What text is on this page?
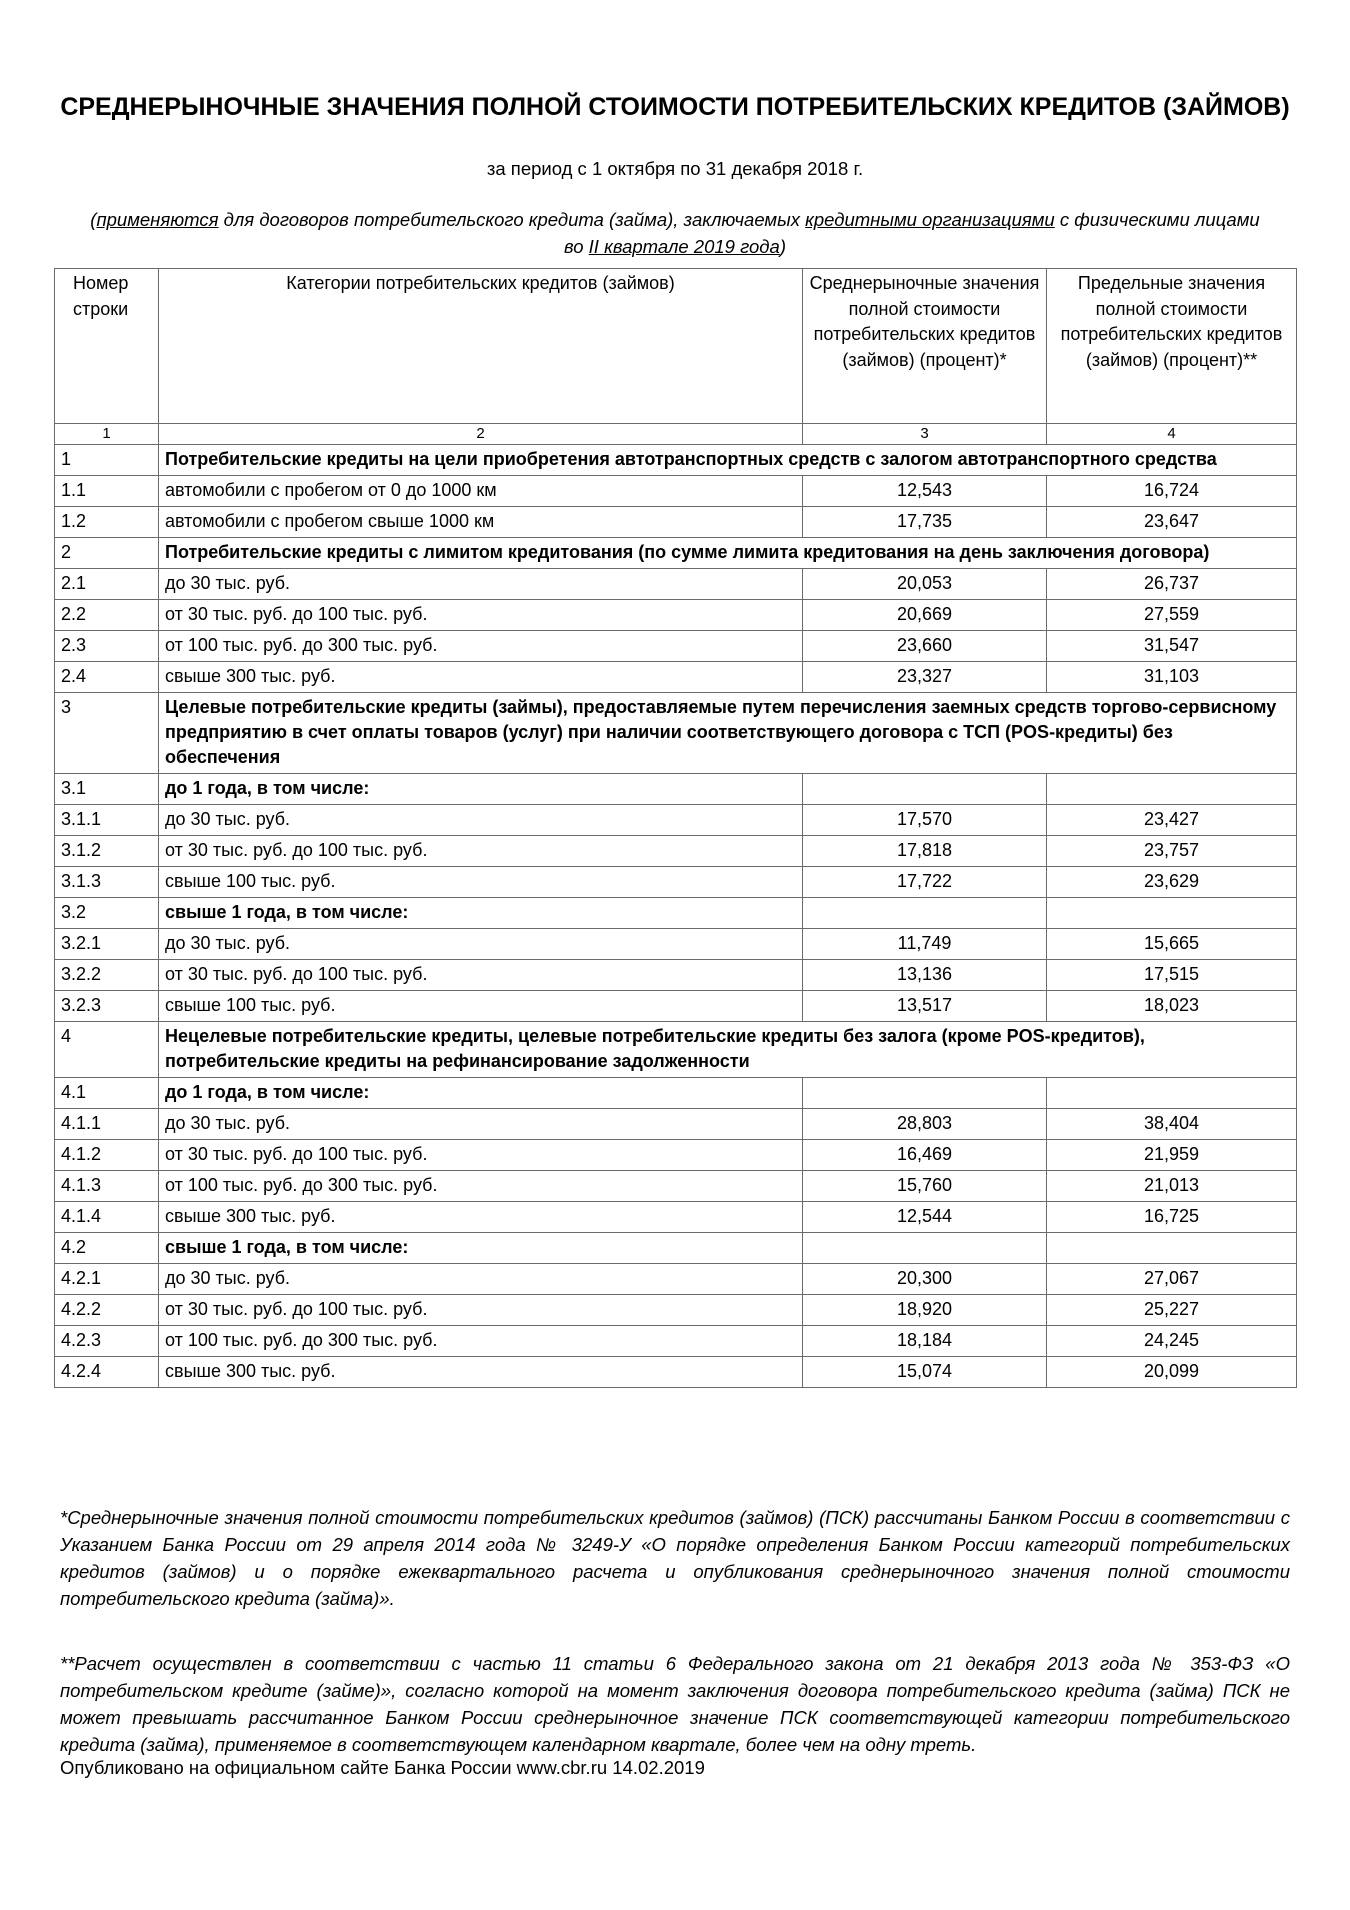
СРЕДНЕРЫНОЧНЫЕ ЗНАЧЕНИЯ ПОЛНОЙ СТОИМОСТИ ПОТРЕБИТЕЛЬСКИХ КРЕДИТОВ (ЗАЙМОВ)
за период с 1 октября по 31 декабря 2018 г.
(применяются для договоров потребительского кредита (займа), заключаемых кредитными организациями с физическими лицами во II квартале 2019 года)
Номер строки	Категории потребительских кредитов (займов)	Среднерыночные значения полной стоимости потребительских кредитов (займов) (процент)*	Предельные значения полной стоимости потребительских кредитов (займов) (процент)**
1	2	3	4
1	Потребительские кредиты на цели приобретения автотранспортных средств с залогом автотранспортного средства		
1.1	автомобили с пробегом от 0 до 1000 км	12,543	16,724
1.2	автомобили с пробегом свыше 1000 км	17,735	23,647
2	Потребительские кредиты с лимитом кредитования (по сумме лимита кредитования на день заключения договора)		
2.1	до 30 тыс. руб.	20,053	26,737
2.2	от 30 тыс. руб. до 100 тыс. руб.	20,669	27,559
2.3	от 100 тыс. руб. до 300 тыс. руб.	23,660	31,547
2.4	свыше 300 тыс. руб.	23,327	31,103
3	Целевые потребительские кредиты (займы), предоставляемые путем перечисления заемных средств торгово-сервисному предприятию в счет оплаты товаров (услуг) при наличии соответствующего договора с ТСП (POS-кредиты) без обеспечения		
3.1	до 1 года, в том числе:		
3.1.1	до 30 тыс. руб.	17,570	23,427
3.1.2	от 30 тыс. руб. до 100 тыс. руб.	17,818	23,757
3.1.3	свыше 100 тыс. руб.	17,722	23,629
3.2	свыше 1 года, в том числе:		
3.2.1	до 30 тыс. руб.	11,749	15,665
3.2.2	от 30 тыс. руб. до 100 тыс. руб.	13,136	17,515
3.2.3	свыше 100 тыс. руб.	13,517	18,023
4	Нецелевые потребительские кредиты, целевые потребительские кредиты без залога (кроме POS-кредитов), потребительские кредиты на рефинансирование задолженности		
4.1	до 1 года, в том числе:		
4.1.1	до 30 тыс. руб.	28,803	38,404
4.1.2	от 30 тыс. руб. до 100 тыс. руб.	16,469	21,959
4.1.3	от 100 тыс. руб. до 300 тыс. руб.	15,760	21,013
4.1.4	свыше 300 тыс. руб.	12,544	16,725
4.2	свыше 1 года, в том числе:		
4.2.1	до 30 тыс. руб.	20,300	27,067
4.2.2	от 30 тыс. руб. до 100 тыс. руб.	18,920	25,227
4.2.3	от 100 тыс. руб. до 300 тыс. руб.	18,184	24,245
4.2.4	свыше 300 тыс. руб.	15,074	20,099
*Среднерыночные значения полной стоимости потребительских кредитов (займов) (ПСК) рассчитаны Банком России в соответствии с Указанием Банка России от 29 апреля 2014 года № 3249-У «О порядке определения Банком России категорий потребительских кредитов (займов) и о порядке ежеквартального расчета и опубликования среднерыночного значения полной стоимости потребительского кредита (займа)».
**Расчет осуществлен в соответствии с частью 11 статьи 6 Федерального закона от 21 декабря 2013 года № 353-ФЗ «О потребительском кредите (займе)», согласно которой на момент заключения договора потребительского кредита (займа) ПСК не может превышать рассчитанное Банком России среднерыночное значение ПСК соответствующей категории потребительского кредита (займа), применяемое в соответствующем календарном квартале, более чем на одну треть.
Опубликовано на официальном сайте Банка России www.cbr.ru 14.02.2019
